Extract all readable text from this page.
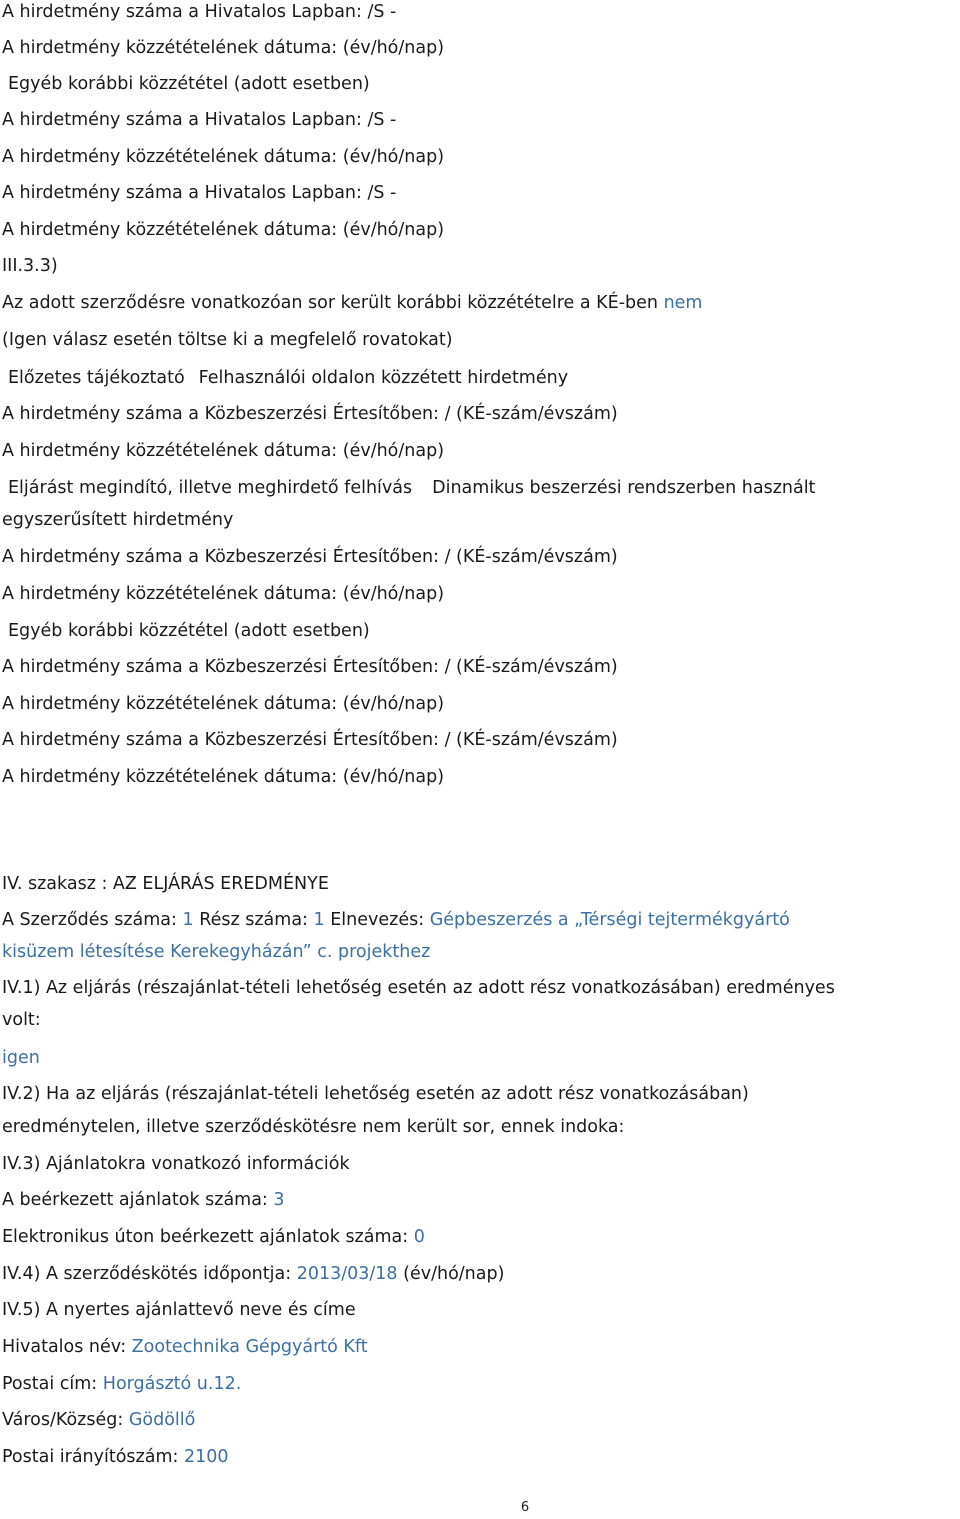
A hirdetmény száma a Hivatalos Lapban: /S -
A hirdetmény közzétételének dátuma: (év/hó/nap)
Egyéb korábbi közzététel (adott esetben)
A hirdetmény száma a Hivatalos Lapban: /S -
A hirdetmény közzétételének dátuma: (év/hó/nap)
A hirdetmény száma a Hivatalos Lapban: /S -
A hirdetmény közzétételének dátuma: (év/hó/nap)
III.3.3)
Az adott szerződésre vonatkozóan sor került korábbi közzétételre a KÉ-ben nem
(Igen válasz esetén töltse ki a megfelelő rovatokat)
Előzetes tájékoztató Felhasználói oldalon közzétett hirdetmény
A hirdetmény száma a Közbeszerzési Értesítőben: / (KÉ-szám/évszám)
A hirdetmény közzétételének dátuma: (év/hó/nap)
Eljárást megindító, illetve meghirdető felhívás Dinamikus beszerzési rendszerben használt
egyszerűsített hirdetmény
A hirdetmény száma a Közbeszerzési Értesítőben: / (KÉ-szám/évszám)
A hirdetmény közzétételének dátuma: (év/hó/nap)
Egyéb korábbi közzététel (adott esetben)
A hirdetmény száma a Közbeszerzési Értesítőben: / (KÉ-szám/évszám)
A hirdetmény közzétételének dátuma: (év/hó/nap)
A hirdetmény száma a Közbeszerzési Értesítőben: / (KÉ-szám/évszám)
A hirdetmény közzétételének dátuma: (év/hó/nap)
IV. szakasz : AZ ELJÁRÁS EREDMÉNYE
A Szerződés száma: 1 Rész száma: 1 Elnevezés: Gépbeszerzés a „Térségi tejtermékgyártó
kisüzem létesítése Kerekegyházán” c. projekthez
IV.1) Az eljárás (részajánlat-tételi lehetőség esetén az adott rész vonatkozásában) eredményes
volt:
igen
IV.2) Ha az eljárás (részajánlat-tételi lehetőség esetén az adott rész vonatkozásában)
eredménytelen, illetve szerződéskötésre nem került sor, ennek indoka:
IV.3) Ajánlatokra vonatkozó információk
A beérkezett ajánlatok száma: 3
Elektronikus úton beérkezett ajánlatok száma: 0
IV.4) A szerződéskötés időpontja: 2013/03/18 (év/hó/nap)
IV.5) A nyertes ajánlattevő neve és címe
Hivatalos név: Zootechnika Gépgyártó Kft
Postai cím: Horgásztó u.12.
Város/Község: Gödöllő
Postai irányítószám: 2100
6
